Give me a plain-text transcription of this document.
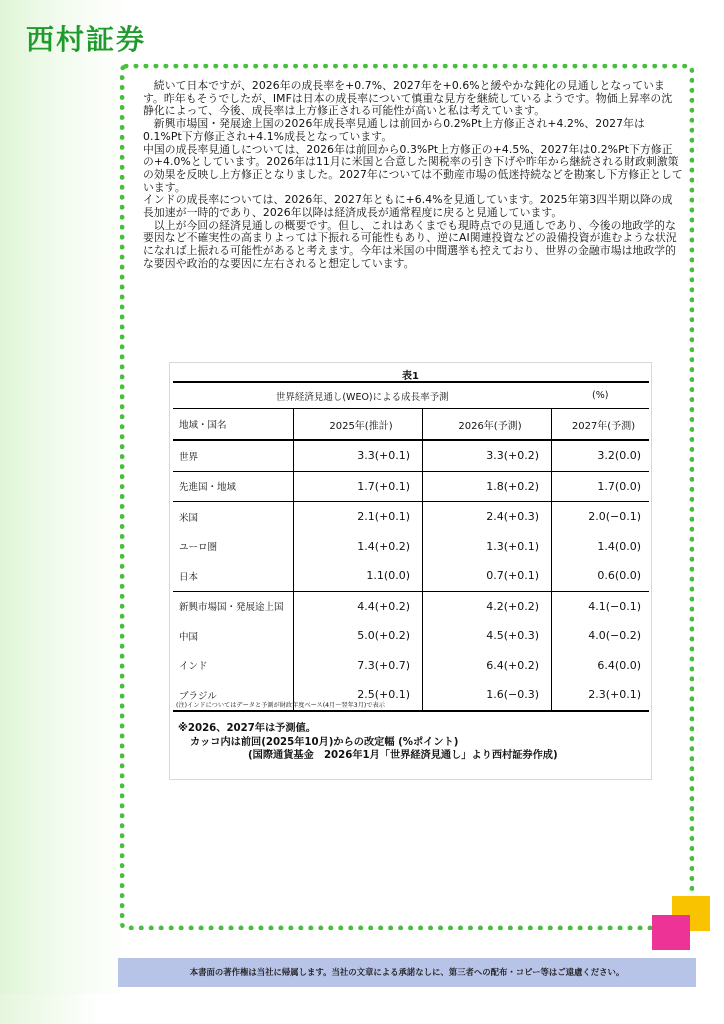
西村証券

続いて日本ですが、2026年の成長率を+0.7%、2027年を+0.6%と緩やかな鈍化の見通しとなっています。昨年もそうでしたが、IMFは日本の成長率について慎重な見方を継続しているようです。物価上昇率の沈静化によって、今後、成長率は上方修正される可能性が高いと私は考えています。

新興市場国・発展途上国の2026年成長率見通しは前回から0.2%Pt上方修正され+4.2%、2027年は0.1%Pt下方修正され+4.1%成長となっています。

中国の成長率見通しについては、2026年は前回から0.3%Pt上方修正の+4.5%、2027年は0.2%Pt下方修正の+4.0%としています。2026年は11月に米国と合意した関税率の引き下げや昨年から継続される財政刺激策の効果を反映し上方修正となりました。2027年については不動産市場の低迷持続などを勘案し下方修正としています。

インドの成長率については、2026年、2027年ともに+6.4%を見通しています。2025年第3四半期以降の成長加速が一時的であり、2026年以降は経済成長が通常程度に戻ると見通しています。

以上が今回の経済見通しの概要です。但し、これはあくまでも現時点での見通しであり、今後の地政学的な要因など不確実性の高まりよっては下振れる可能性もあり、逆にAI関連投資などの設備投資が進むような状況になれば上振れる可能性があると考えます。今年は米国の中間選挙も控えており、世界の金融市場は地政学的な要因や政治的な要因に左右されると想定しています。

表1
世界経済見通し(WEO)による成長率予測			(%)
地域・国名	2025年(推計)	2026年(予測)	2027年(予測)
世界	3.3(+0.1)	3.3(+0.2)	3.2(0.0)
先進国・地域	1.7(+0.1)	1.8(+0.2)	1.7(0.0)
米国	2.1(+0.1)	2.4(+0.3)	2.0(−0.1)
ユーロ圏	1.4(+0.2)	1.3(+0.1)	1.4(0.0)
日本	1.1(0.0)	0.7(+0.1)	0.6(0.0)
新興市場国・発展途上国	4.4(+0.2)	4.2(+0.2)	4.1(−0.1)
中国	5.0(+0.2)	4.5(+0.3)	4.0(−0.2)
インド	7.3(+0.7)	6.4(+0.2)	6.4(0.0)
ブラジル	2.5(+0.1)	1.6(−0.3)	2.3(+0.1)
(注)インドについてはデータと予測が財政年度ベース(4月～翌年3月)で表示
※2026、2027年は予測値。
カッコ内は前回(2025年10月)からの改定幅 (%ポイント)
(国際通貨基金　2026年1月「世界経済見通し」より西村証券作成)
本書面の著作権は当社に帰属します。当社の文章による承諾なしに、第三者への配布・コピー等はご遠慮ください。
